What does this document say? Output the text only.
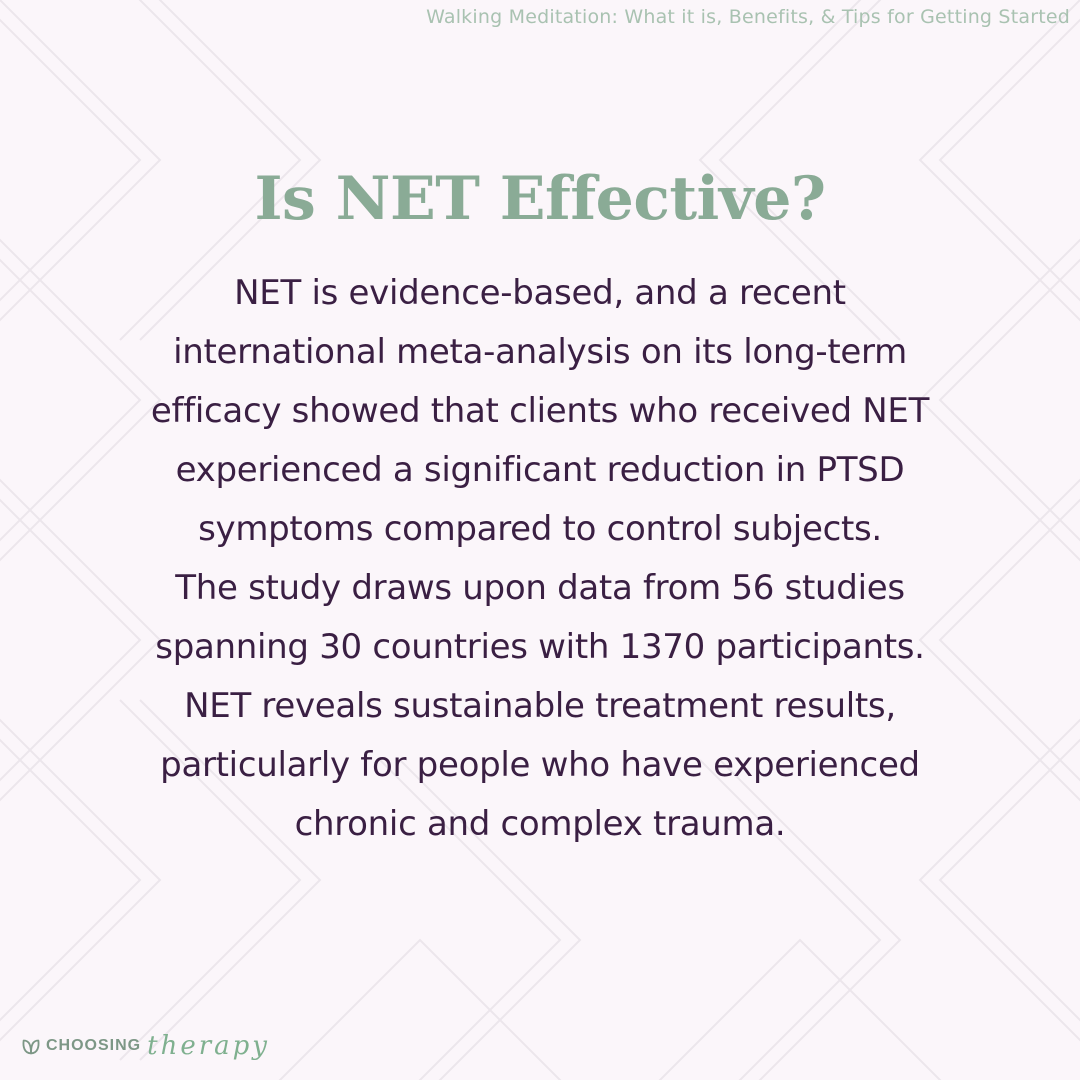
Walking Meditation: What it is, Benefits, & Tips for Getting Started
Is NET Effective?

NET is evidence-based, and a recent
international meta-analysis on its long-term
efficacy showed that clients who received NET
experienced a significant reduction in PTSD
symptoms compared to control subjects.
The study draws upon data from 56 studies
spanning 30 countries with 1370 participants.
NET reveals sustainable treatment results,
particularly for people who have experienced
chronic and complex trauma.

CHOOSING therapy
